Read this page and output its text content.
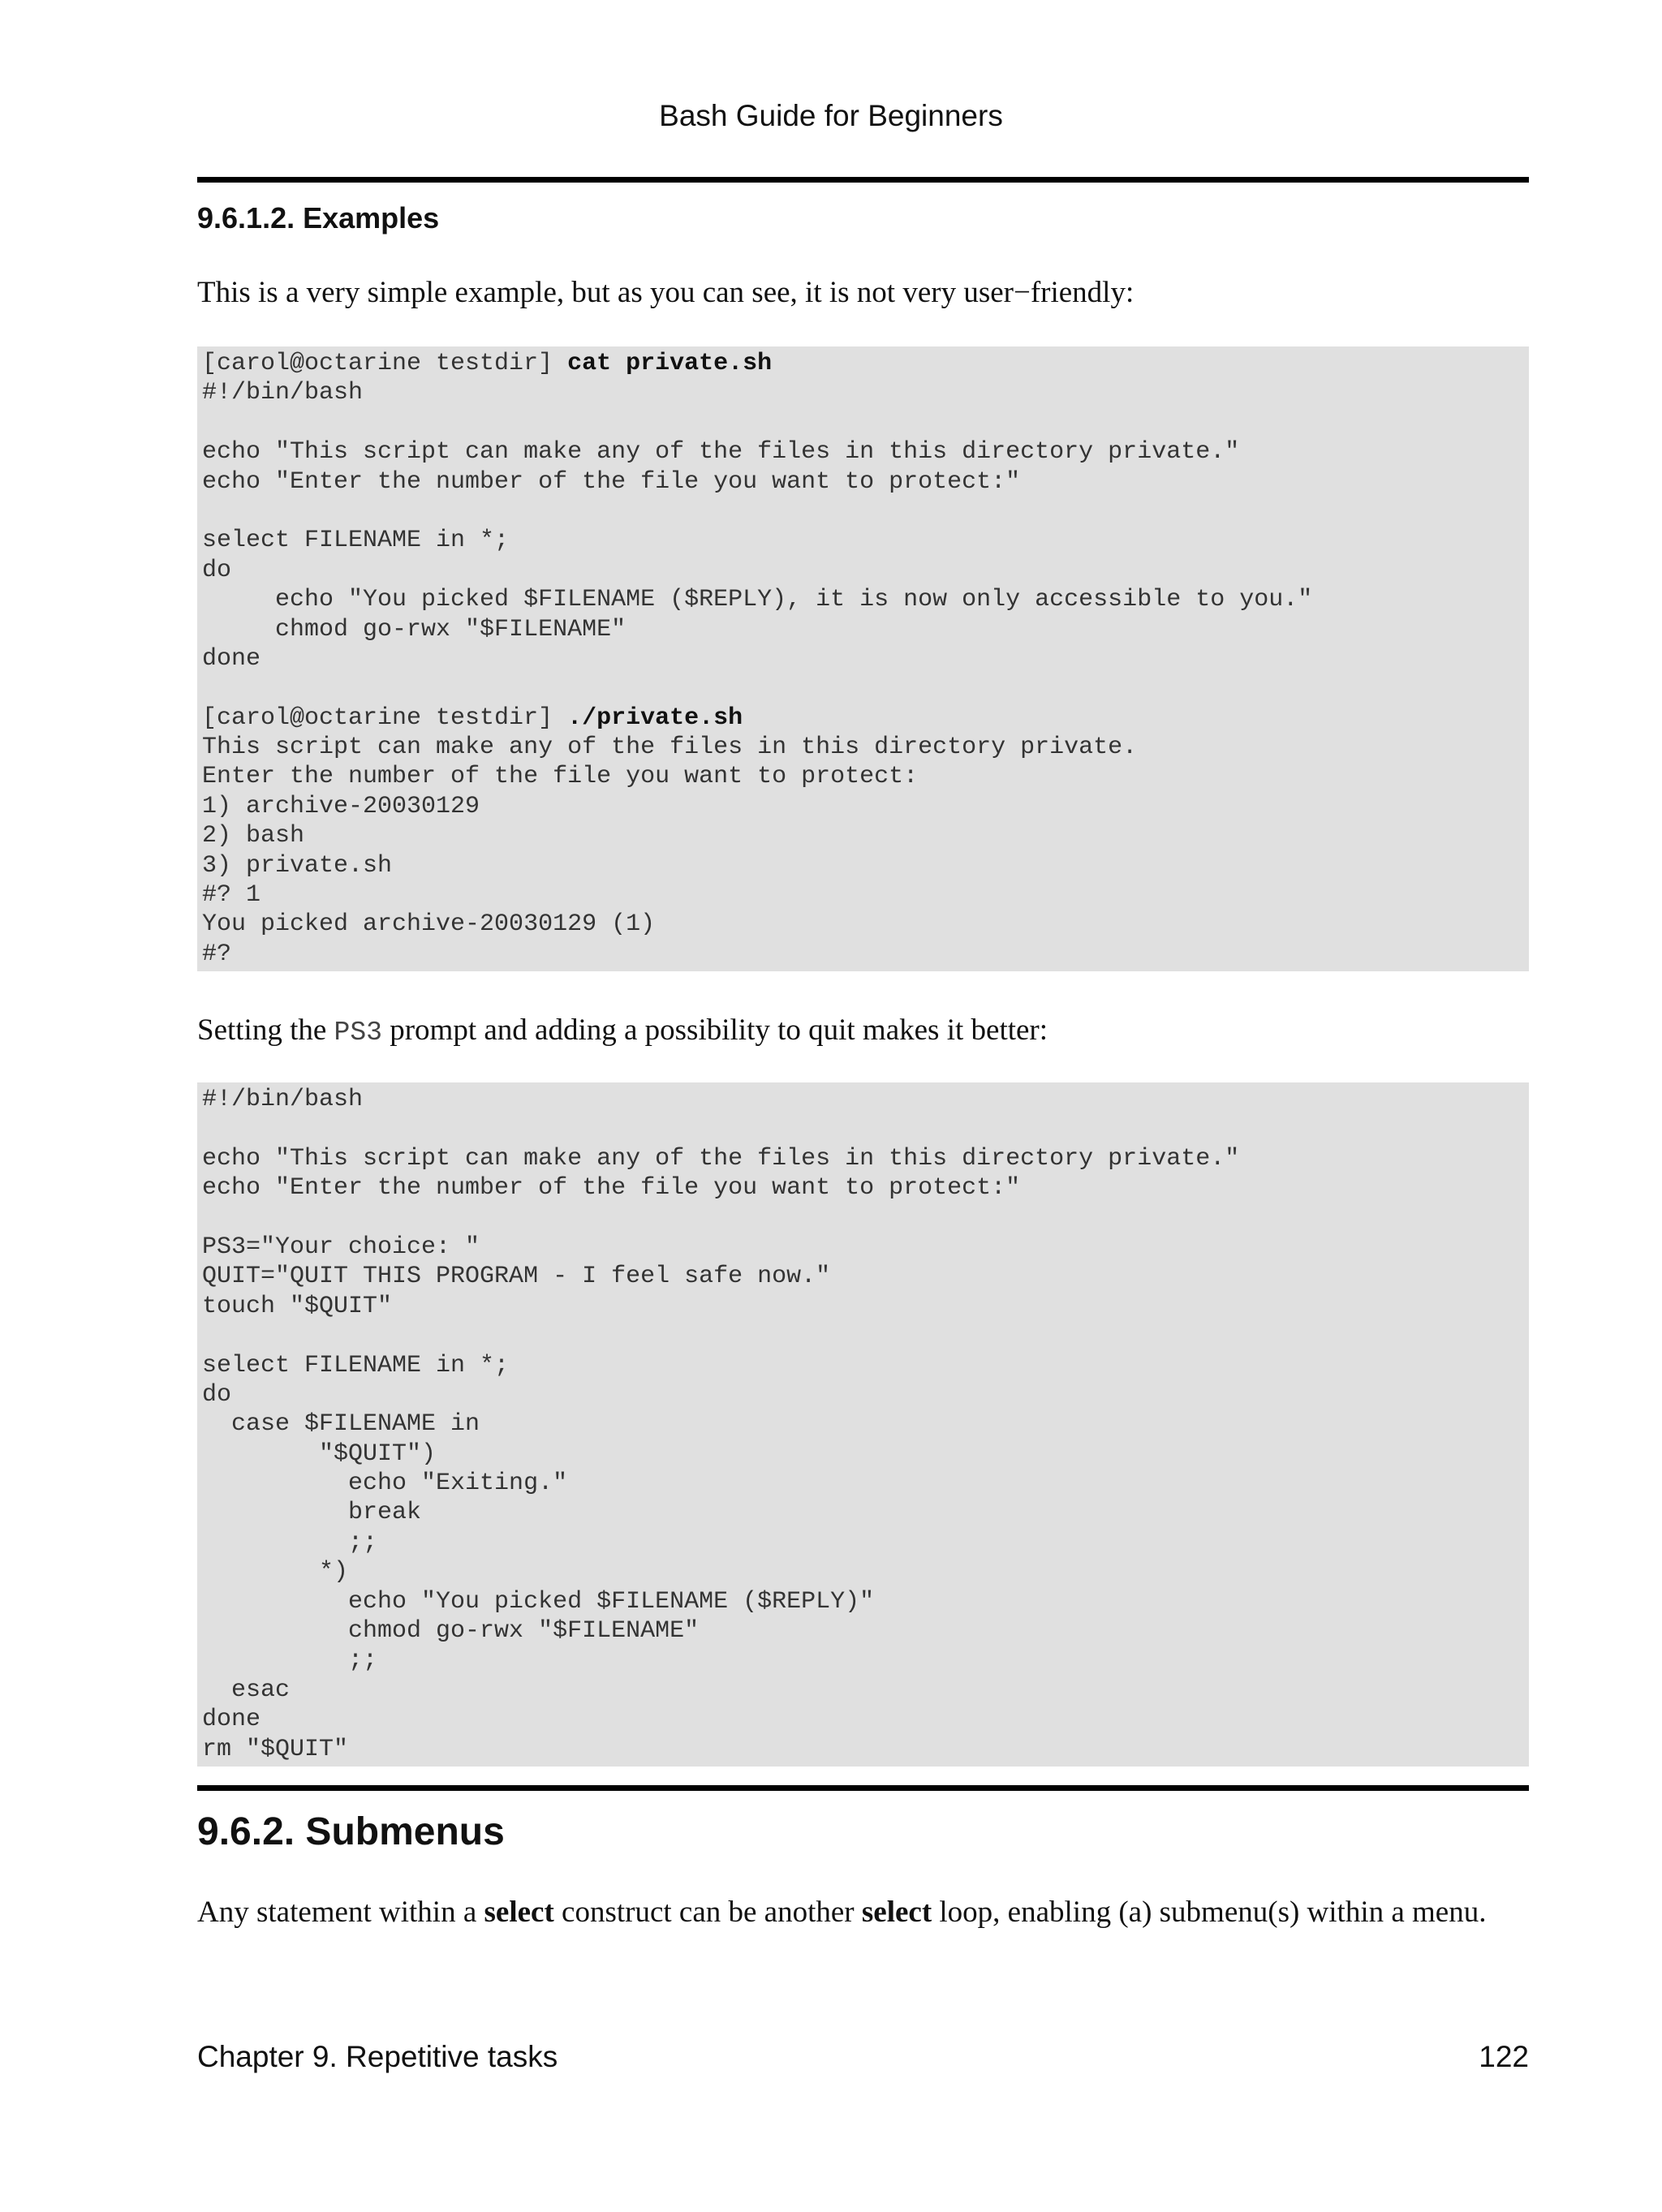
Bash Guide for Beginners
9.6.1.2. Examples
This is a very simple example, but as you can see, it is not very user−friendly:
[carol@octarine testdir] cat private.sh
#!/bin/bash
echo "This script can make any of the files in this directory private."
echo "Enter the number of the file you want to protect:"
select FILENAME in *;
do
echo "You picked $FILENAME ($REPLY), it is now only accessible to you."
chmod go-rwx "$FILENAME"
done
[carol@octarine testdir] ./private.sh
This script can make any of the files in this directory private.
Enter the number of the file you want to protect:
1) archive-20030129
2) bash
3) private.sh
#? 1
You picked archive-20030129 (1)
#?
Setting the PS3 prompt and adding a possibility to quit makes it better:
#!/bin/bash
echo "This script can make any of the files in this directory private."
echo "Enter the number of the file you want to protect:"
PS3="Your choice: "
QUIT="QUIT THIS PROGRAM - I feel safe now."
touch "$QUIT"
select FILENAME in *;
do
case $FILENAME in
"$QUIT")
echo "Exiting."
break
;;
*)
echo "You picked $FILENAME ($REPLY)"
chmod go-rwx "$FILENAME"
;;
esac
done
rm "$QUIT"
9.6.2. Submenus
Any statement within a select construct can be another select loop, enabling (a) submenu(s) within a menu.
Chapter 9. Repetitive tasks	122
